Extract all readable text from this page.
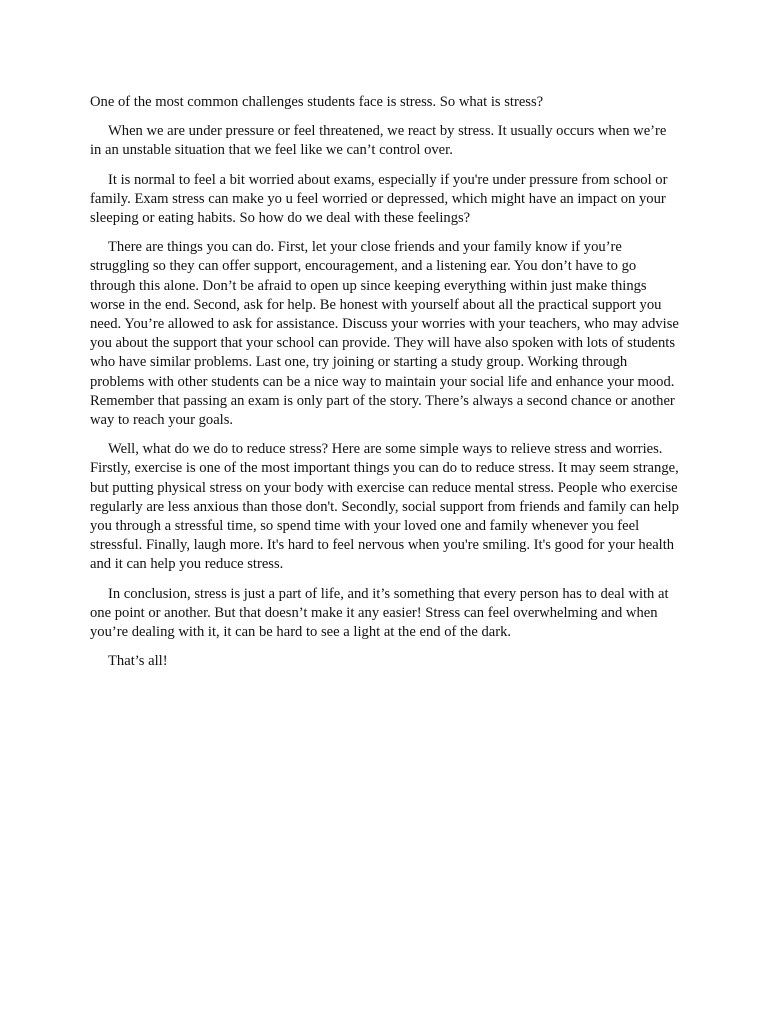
One of the most common challenges students face is stress. So what is stress?

When we are under pressure or feel threatened, we react by stress. It usually occurs when we’re in an unstable situation that we feel like we can’t control over.

It is normal to feel a bit worried about exams, especially if you're under pressure from school or family. Exam stress can make yo u feel worried or depressed, which might have an impact on your sleeping or eating habits. So how do we deal with these feelings?

There are things you can do. First, let your close friends and your family know if you’re struggling so they can offer support, encouragement, and a listening ear. You don’t have to go through this alone. Don’t be afraid to open up since keeping everything within just make things worse in the end. Second, ask for help. Be honest with yourself about all the practical support you need. You’re allowed to ask for assistance. Discuss your worries with your teachers, who may advise you about the support that your school can provide. They will have also spoken with lots of students who have similar problems. Last one, try joining or starting a study group. Working through problems with other students can be a nice way to maintain your social life and enhance your mood. Remember that passing an exam is only part of the story. There’s always a second chance or another way to reach your goals.

Well, what do we do to reduce stress? Here are some simple ways to relieve stress and worries. Firstly, exercise is one of the most important things you can do to reduce stress. It may seem strange, but putting physical stress on your body with exercise can reduce mental stress. People who exercise regularly are less anxious than those don't. Secondly, social support from friends and family can help you through a stressful time, so spend time with your loved one and family whenever you feel stressful. Finally, laugh more. It's hard to feel nervous when you're smiling. It's good for your health and it can help you reduce stress.

In conclusion, stress is just a part of life, and it’s something that every person has to deal with at one point or another. But that doesn’t make it any easier! Stress can feel overwhelming and when you’re dealing with it, it can be hard to see a light at the end of the dark.

That’s all!
